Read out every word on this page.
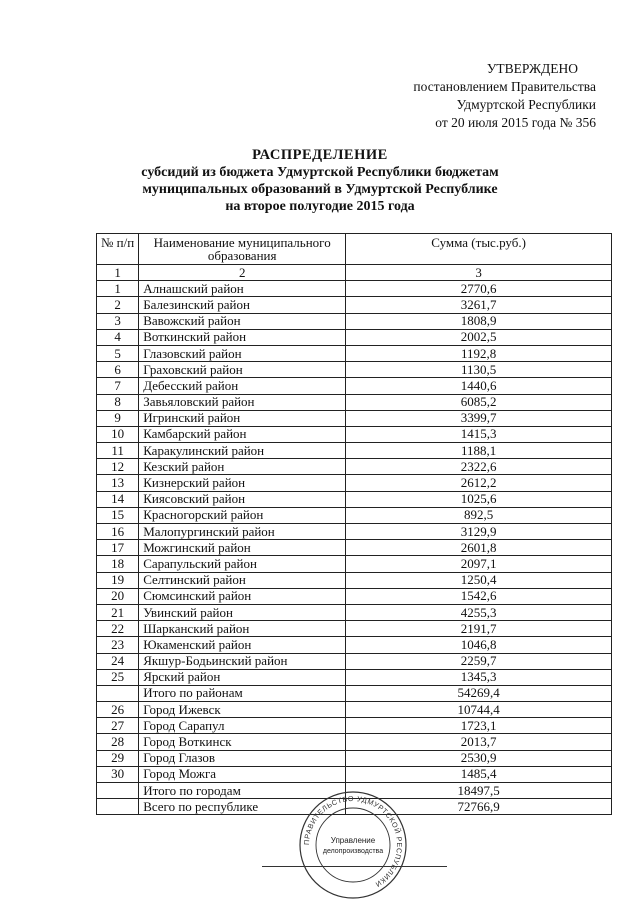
УТВЕРЖДЕНО
постановлением Правительства
Удмуртской Республики
от 20 июля 2015 года № 356
РАСПРЕДЕЛЕНИЕ
субсидий из бюджета Удмуртской Республики бюджетам
муниципальных образований в Удмуртской Республике
на второе полугодие 2015 года
№ п/п	Наименование муниципального образования	Сумма (тыс.руб.)
1	2	3
1	Алнашский район	2770,6
2	Балезинский район	3261,7
3	Вавожский район	1808,9
4	Воткинский район	2002,5
5	Глазовский район	1192,8
6	Граховский район	1130,5
7	Дебесский район	1440,6
8	Завьяловский район	6085,2
9	Игринский район	3399,7
10	Камбарский район	1415,3
11	Каракулинский район	1188,1
12	Кезский район	2322,6
13	Кизнерский район	2612,2
14	Киясовский район	1025,6
15	Красногорский район	892,5
16	Малопургинский район	3129,9
17	Можгинский район	2601,8
18	Сарапульский район	2097,1
19	Селтинский район	1250,4
20	Сюмсинский район	1542,6
21	Увинский район	4255,3
22	Шарканский район	2191,7
23	Юкаменский район	1046,8
24	Якшур-Бодьинский район	2259,7
25	Ярский район	1345,3
	Итого по районам	54269,4
26	Город Ижевск	10744,4
27	Город Сарапул	1723,1
28	Город Воткинск	2013,7
29	Город Глазов	2530,9
30	Город Можга	1485,4
	Итого по городам	18497,5
	Всего по республике	72766,9
ПРАВИТЕЛЬСТВО УДМУРТСКОЙ РЕСПУБЛИКИ
Управление
делопроизводства
